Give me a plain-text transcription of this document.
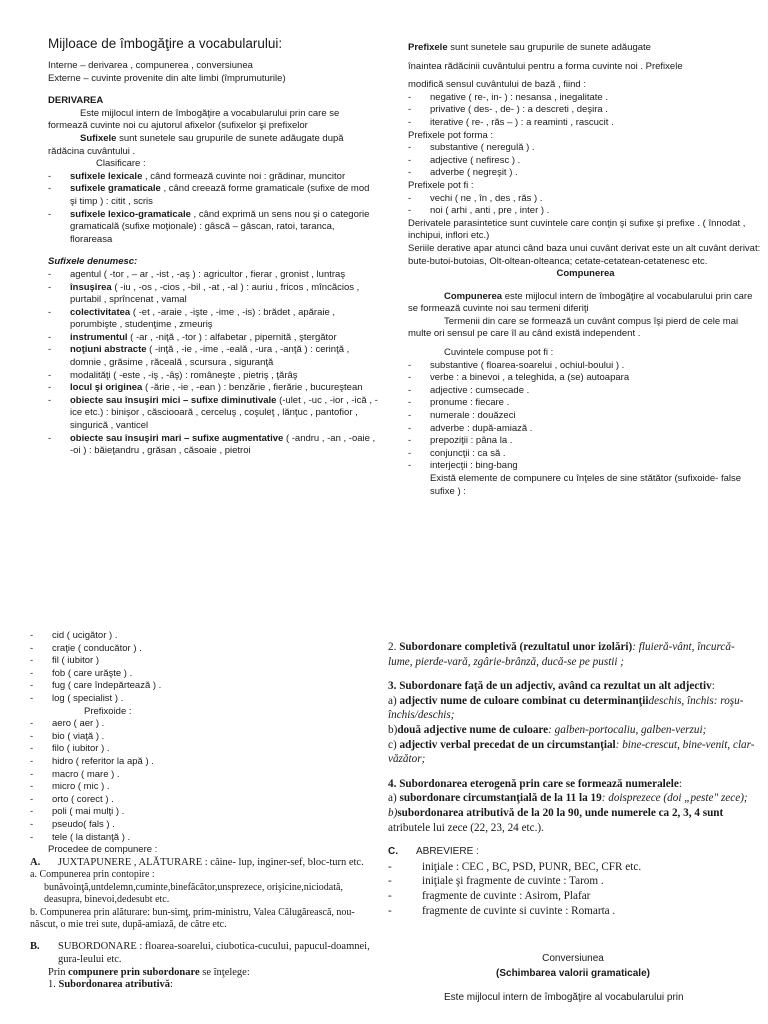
Mijloace de îmbogăţire a vocabularului:

Interne – derivarea , compunerea , conversiunea

Externe – cuvinte provenite din alte limbi (împrumuturile)

DERIVAREA

Este mijlocul intern de îmbogăţire a vocabularului prin care se formează cuvinte noi cu ajutorul afixelor (sufixelor şi prefixelor

Sufixele sunt sunetele sau grupurile de sunete adăugate după rădăcina cuvântului .

Clasificare :

- sufixele lexicale , când formează cuvinte noi : grădinar, muncitor

- sufixele gramaticale , când creează forme gramaticale (sufixe de mod şi timp ) : citit , scris

- sufixele lexico-gramaticale , când exprimă un sens nou şi o categorie gramaticală (sufixe moţionale) : gâscă – gâscan, ratoi, taranca, florareasa

Sufixele denumesc:

- agentul ( -tor , – ar , -ist , -aş ) : agricultor , fierar , gronist , luntraş

- însuşirea ( -iu , -os , -cios , -bil , -at , -al ) : auriu , fricos , mîncăcios , purtabil , sprîncenat , vamal

- colectivitatea ( -et , -araie , -işte , -ime , -is) : brădet , apăraie , porumbişte , studenţime , zmeuriş

- instrumentul ( -ar , -niţă , -tor ) : alfabetar , pipernită , ştergător

- noţiuni abstracte ( -inţă , -ie , -ime , -eală , -ura , -anţă ) : cerinţă , domnie , grăsime , răceală , scursura , siguranţă

- modalităţi ( -este , -iş , -âş) : româneşte , pietriş , ţărâş

- locul şi originea ( -ărie , -ie , -ean ) : benzărie , fierărie , bucureştean

- obiecte sau însuşiri mici – sufixe diminutivale (-ulet , -uc , -ior , -ică , -ice etc.) : binişor , căsciooară , cerceluş , coşuleţ , lănţuc , pantofior , singurică , vanticel

- obiecte sau însuşiri mari – sufixe augmentative ( -andru , -an , -oaie , -oi ) : băieţandru , grăsan , căsoaie , pietroi

Prefixele sunt sunetele sau grupurile de sunete adăugate

înaintea rădăcinii cuvântului pentru a forma cuvinte noi . Prefixele

modifică sensul cuvântului de bază , fiind :

- negative ( re-, in- ) : nesansa , inegalitate .

- privative ( des- , de- ) : a descreti , deşira .

- iterative ( re- , răs – ) : a reaminti , rascucit .

Prefixele pot forma :

- substantive ( neregulă ) .

- adjective ( nefiresc ) .

- adverbe ( negreşit ) .

Prefixele pot fi :

- vechi ( ne , în , des , răs ) .

- noi ( arhi , anti , pre , inter ) .

Derivatele parasintetice sunt cuvintele care conţin şi sufixe şi prefixe . ( înnodat , inchipui, inflori etc.)

Seriile derative apar atunci când baza unui cuvânt derivat este un alt cuvânt derivat: bute-butoi-butoias, Olt-oltean-olteanca; cetate-cetatean-cetatenesc etc.

Compunerea

Compunerea este mijlocul intern de îmbogăţire al vocabularului prin care se formează cuvinte noi sau termeni diferiţi

Termenii din care se formează un cuvânt compus îşi pierd de cele mai multe ori sensul pe care îl au când există independent .

Cuvintele compuse pot fi :

- substantive ( floarea-soarelui , ochiul-boului ) .

- verbe : a binevoi , a teleghida, a (se) autoapara

- adjective : cumsecade .

- pronume : fiecare .

- numerale : douăzeci

- adverbe : după-amiază .

- prepoziţii : pâna la .

- conjuncţii : ca să .

- interjecţii : bing-bang

Există elemente de compunere cu înţeles de sine stătător (sufixoide- false sufixe ) :

- cid ( ucigător ) .

- craţie ( conducător ) .

- fil ( iubitor )

- fob ( care urăşte ) .

- fug ( care îndepărtează ) .

- log ( specialist ) .

Prefixoide :

- aero ( aer ) .

- bio ( viaţă ) .

- filo ( iubitor ) .

- hidro ( referitor la apă ) .

- macro ( mare ) .

- micro ( mic ) .

- orto ( corect ) .

- poli ( mai mulţi ) .

- pseudo( fals ) .

- tele ( la distanţă ) .

Procedee de compunere :

A. JUXTAPUNERE , ALĂTURARE : câine- lup, inginer-sef, bloc-turn etc.

a. Compunerea prin contopire :

bunăvoinţă,untdelemn,cuminte,binefăcător,unsprezece, orişicine,niciodată, deasupra, binevoi,dedesubt etc.

b. Compunerea prin alăturare: bun-simţ, prim-ministru, Valea Călugărească, nou-născut, o mie trei sute, după-amiază, de către etc.

B. SUBORDONARE : floarea-soarelui, ciubotica-cucului, papucul-doamnei, gura-leului etc.

Prin compunere prin subordonare se înţelege:

1. Subordonarea atributivă:

2. Subordonare completivă (rezultatul unor izolări): fluieră-vânt, încurcă-lume, pierde-vară, zgârie-brânză, ducă-se pe pustii ;

3. Subordonare faţă de un adjectiv, având ca rezultat un alt adjectiv:

a) adjectiv nume de culoare combinat cu determinanţiideschis, închis: roşu-închis/deschis;

b)două adjective nume de culoare: galben-portocaliu, galben-verzui;

c) adjectiv verbal precedat de un circumstanţial: bine-crescut, bine-venit, clar-văzător;

4. Subordonarea eterogenă prin care se formează numeralele:

a) subordonare circumstanţială de la 11 la 19: doisprezece (doi „peste" zece);

b)subordonarea atributivă de la 20 la 90, unde numerele ca 2, 3, 4 sunt atributele lui zece (22, 23, 24 etc.).

C. ABREVIERE :

- iniţiale : CEC , BC, PSD, PUNR, BEC, CFR etc.

- iniţiale şi fragmente de cuvinte : Tarom .

- fragmente de cuvinte : Asirom, Plafar

- fragmente de cuvinte si cuvinte : Romarta .

Conversiunea

(Schimbarea valorii gramaticale)

Este mijlocul intern de îmbogăţire al vocabularului prin
